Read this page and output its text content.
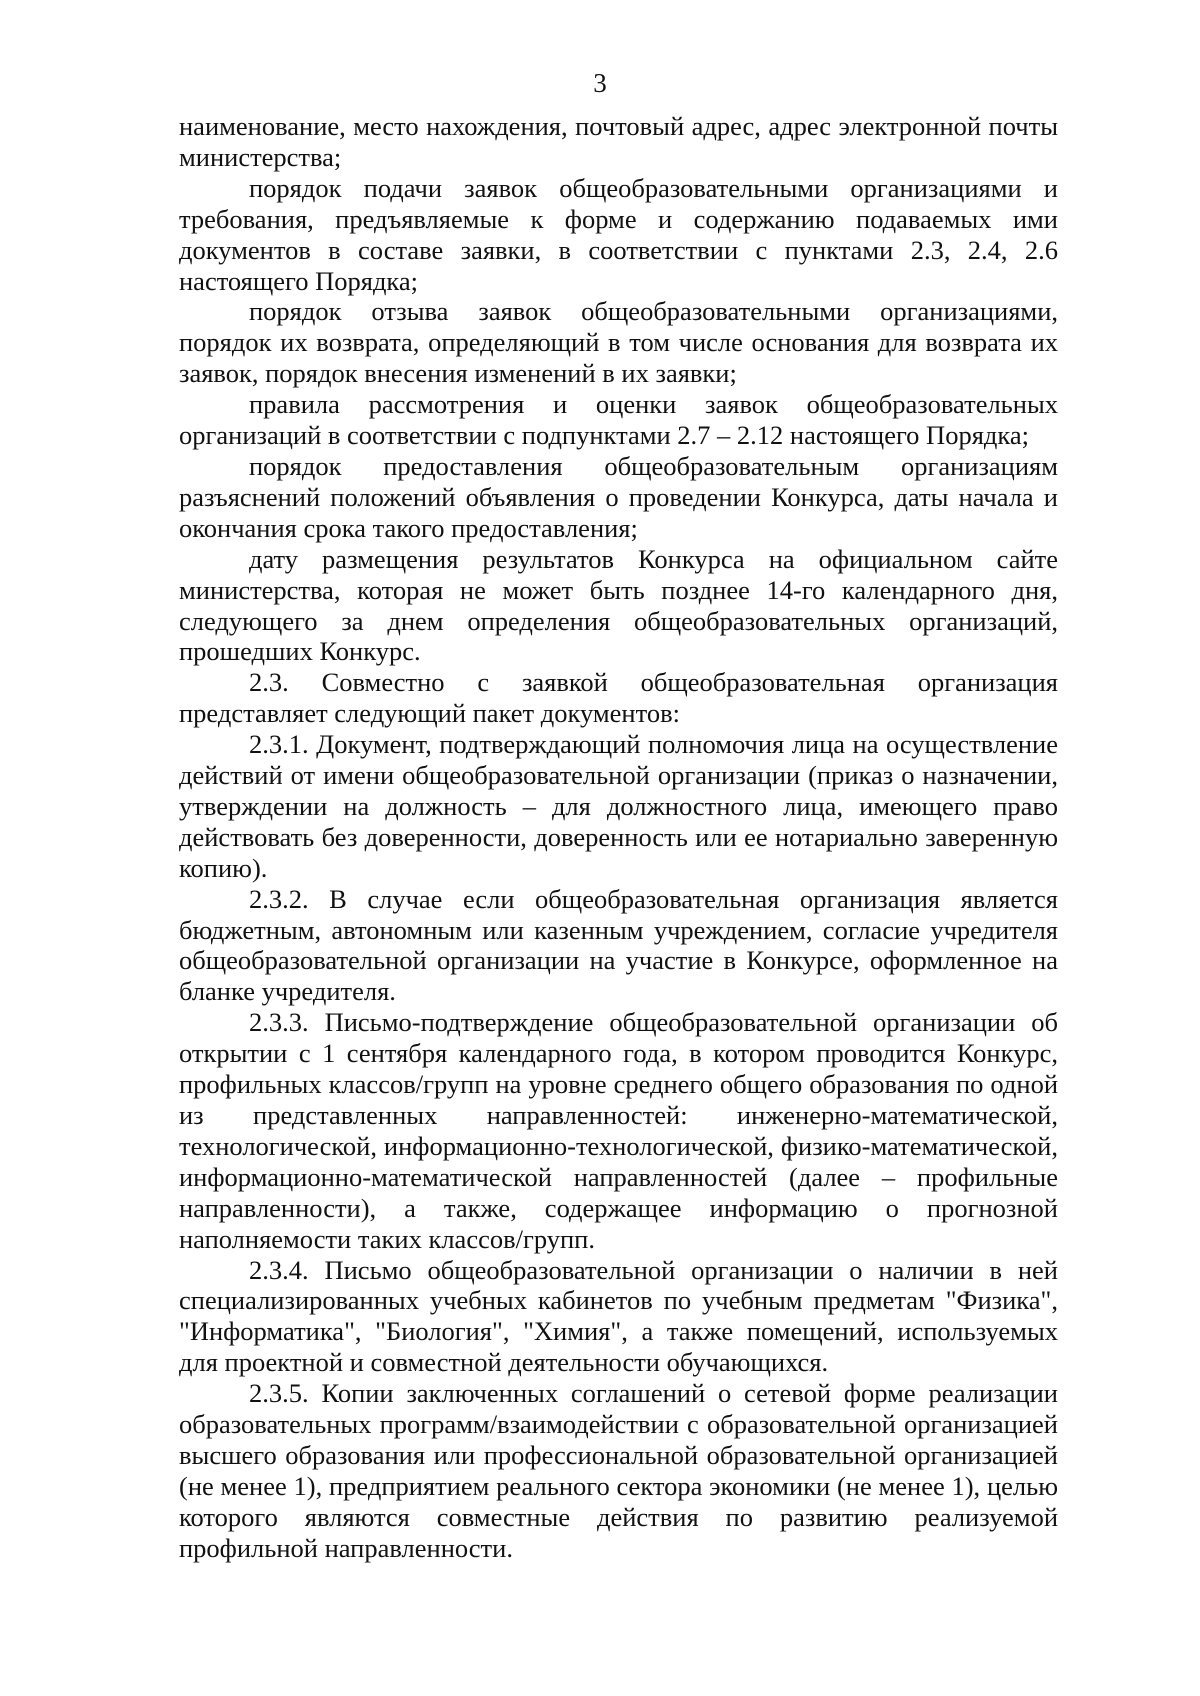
3

наименование, место нахождения, почтовый адрес, адрес электронной почты министерства;

порядок подачи заявок общеобразовательными организациями и требования, предъявляемые к форме и содержанию подаваемых ими документов в составе заявки, в соответствии с пунктами 2.3, 2.4, 2.6 настоящего Порядка;

порядок отзыва заявок общеобразовательными организациями, порядок их возврата, определяющий в том числе основания для возврата их заявок, порядок внесения изменений в их заявки;

правила рассмотрения и оценки заявок общеобразовательных организаций в соответствии с подпунктами 2.7 – 2.12 настоящего Порядка;

порядок предоставления общеобразовательным организациям разъяснений положений объявления о проведении Конкурса, даты начала и окончания срока такого предоставления;

дату размещения результатов Конкурса на официальном сайте министерства, которая не может быть позднее 14-го календарного дня, следующего за днем определения общеобразовательных организаций, прошедших Конкурс.

2.3. Совместно с заявкой общеобразовательная организация представляет следующий пакет документов:

2.3.1. Документ, подтверждающий полномочия лица на осуществление действий от имени общеобразовательной организации (приказ о назначении, утверждении на должность – для должностного лица, имеющего право действовать без доверенности, доверенность или ее нотариально заверенную копию).

2.3.2. В случае если общеобразовательная организация является бюджетным, автономным или казенным учреждением, согласие учредителя общеобразовательной организации на участие в Конкурсе, оформленное на бланке учредителя.

2.3.3. Письмо-подтверждение общеобразовательной организации об открытии с 1 сентября календарного года, в котором проводится Конкурс, профильных классов/групп на уровне среднего общего образования по одной из представленных направленностей: инженерно-математической, технологической, информационно-технологической, физико-математической, информационно-математической направленностей (далее – профильные направленности), а также, содержащее информацию о прогнозной наполняемости таких классов/групп.

2.3.4. Письмо общеобразовательной организации о наличии в ней специализированных учебных кабинетов по учебным предметам "Физика", "Информатика", "Биология", "Химия", а также помещений, используемых для проектной и совместной деятельности обучающихся.

2.3.5. Копии заключенных соглашений о сетевой форме реализации образовательных программ/взаимодействии с образовательной организацией высшего образования или профессиональной образовательной организацией (не менее 1), предприятием реального сектора экономики (не менее 1), целью которого являются совместные действия по развитию реализуемой профильной направленности.
